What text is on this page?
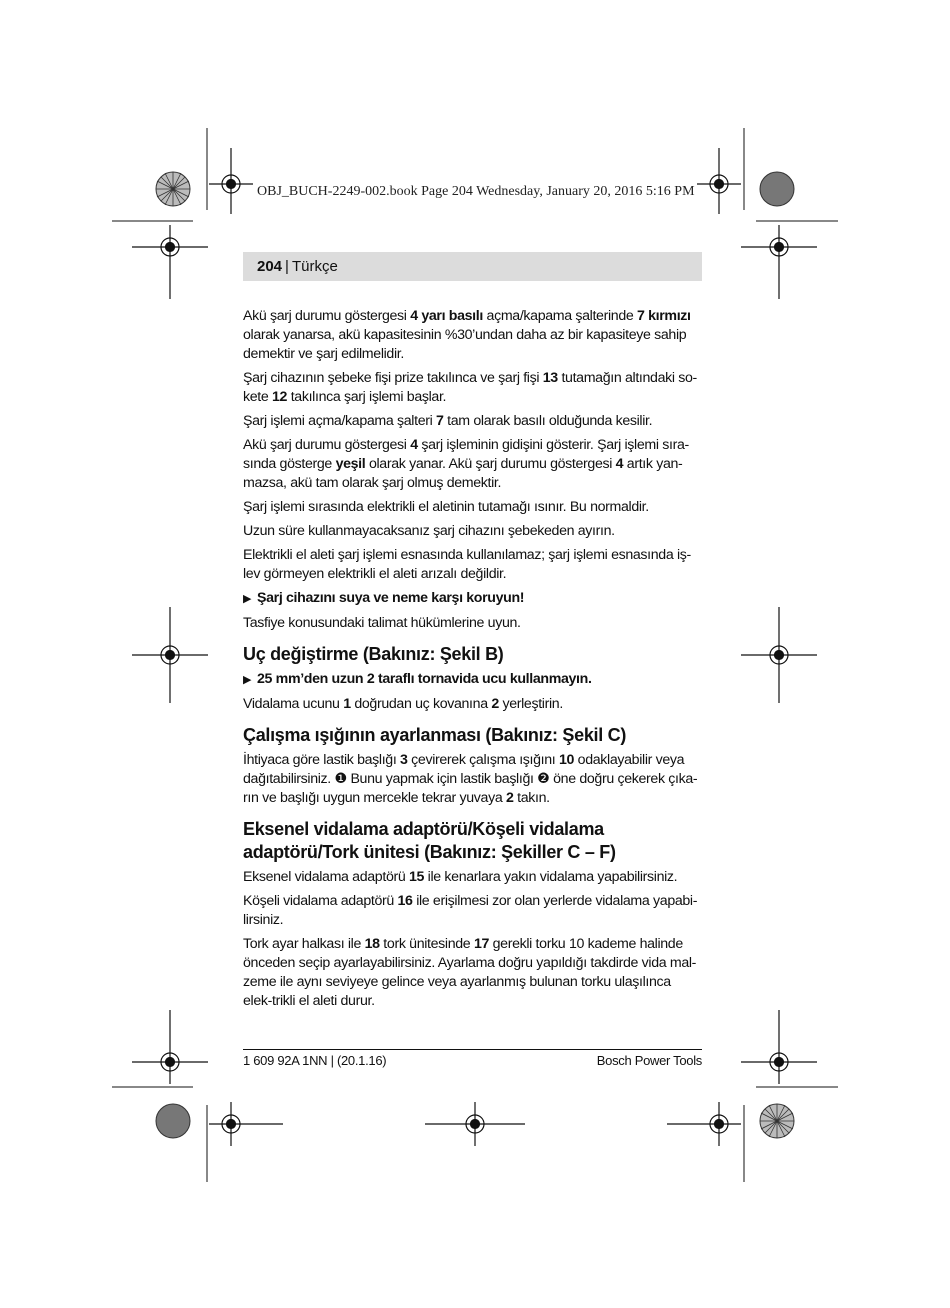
OBJ_BUCH-2249-002.book Page 204 Wednesday, January 20, 2016 5:16 PM
204 | Türkçe

Akü şarj durumu göstergesi 4 yarı basılı açma/kapama şalterinde 7 kırmızı olarak yanarsa, akü kapasitesinin %30’undan daha az bir kapasiteye sahip demektir ve şarj edilmelidir.

Şarj cihazının şebeke fişi prize takılınca ve şarj fişi 13 tutamağın altındaki so-kete 12 takılınca şarj işlemi başlar.

Şarj işlemi açma/kapama şalteri 7 tam olarak basılı olduğunda kesilir.

Akü şarj durumu göstergesi 4 şarj işleminin gidişini gösterir. Şarj işlemi sıra-sında gösterge yeşil olarak yanar. Akü şarj durumu göstergesi 4 artık yan-mazsa, akü tam olarak şarj olmuş demektir.

Şarj işlemi sırasında elektrikli el aletinin tutamağı ısınır. Bu normaldir.

Uzun süre kullanmayacaksanız şarj cihazını şebekeden ayırın.

Elektrikli el aleti şarj işlemi esnasında kullanılamaz; şarj işlemi esnasında iş-lev görmeyen elektrikli el aleti arızalı değildir.

▶ Şarj cihazını suya ve neme karşı koruyun!

Tasfiye konusundaki talimat hükümlerine uyun.

Uç değiştirme (Bakınız: Şekil B)

▶ 25 mm’den uzun 2 taraflı tornavida ucu kullanmayın.

Vidalama ucunu 1 doğrudan uç kovanına 2 yerleştirin.

Çalışma ışığının ayarlanması (Bakınız: Şekil C)

İhtiyaca göre lastik başlığı 3 çevirerek çalışma ışığını 10 odaklayabilir veya dağıtabilirsiniz. ❶ Bunu yapmak için lastik başlığı ❷ öne doğru çekerek çıka-rın ve başlığı uygun mercekle tekrar yuvaya 2 takın.

Eksenel vidalama adaptörü/Köşeli vidalama adaptörü/Tork ünitesi (Bakınız: Şekiller C – F)

Eksenel vidalama adaptörü 15 ile kenarlara yakın vidalama yapabilirsiniz.

Köşeli vidalama adaptörü 16 ile erişilmesi zor olan yerlerde vidalama yapabi-lirsiniz.

Tork ayar halkası ile 18 tork ünitesinde 17 gerekli torku 10 kademe halinde önceden seçip ayarlayabilirsiniz. Ayarlama doğru yapıldığı takdirde vida mal-zeme ile aynı seviyeye gelince veya ayarlanmış bulunan torku ulaşılınca elek-trikli el aleti durur.

1 609 92A 1NN | (20.1.16)	Bosch Power Tools
